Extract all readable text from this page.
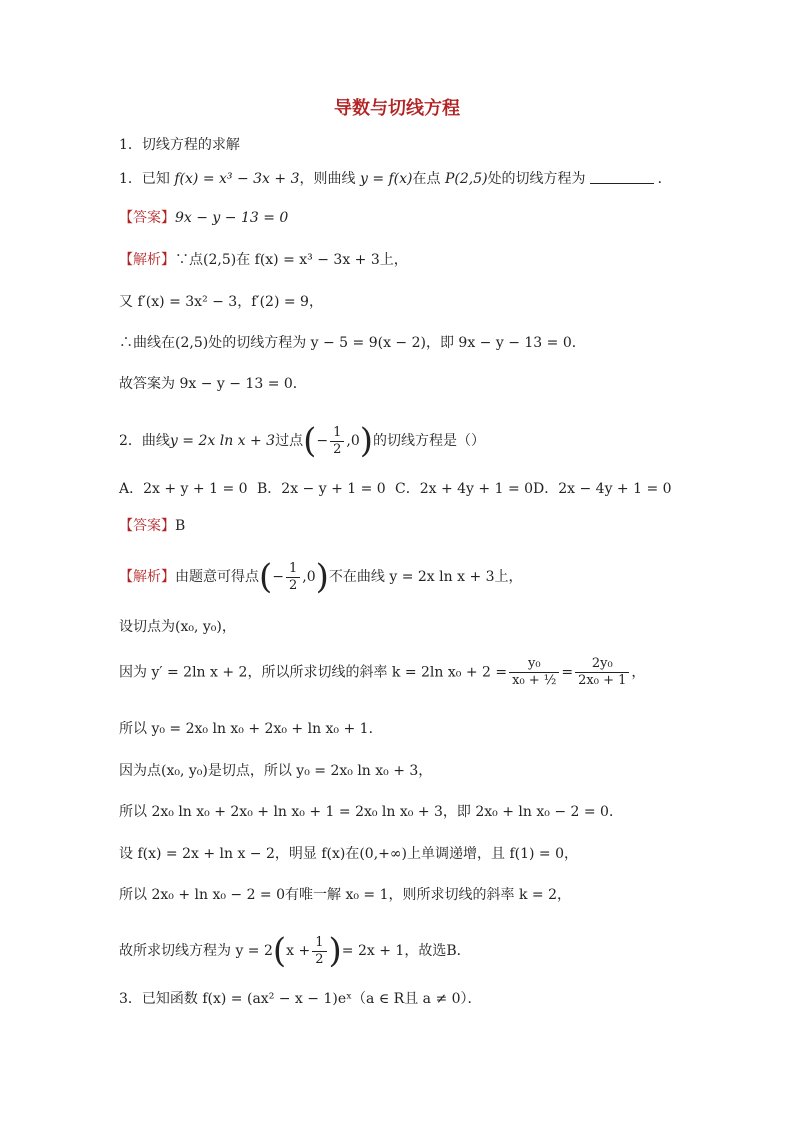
导数与切线方程
1．切线方程的求解
1．已知 f(x) = x³ − 3x + 3，则曲线 y = f(x)在点 P(2,5)处的切线方程为	．
【答案】9x − y − 13 = 0
【解析】∵点(2,5)在 f(x) = x³ − 3x + 3上，
又 f′(x) = 3x² − 3，f′(2) = 9，
∴曲线在(2,5)处的切线方程为 y − 5 = 9(x − 2)，即 9x − y − 13 = 0．
故答案为 9x − y − 13 = 0．
2．曲线y = 2x ln x + 3过点(− $\frac{1}{2} ,0$)的切线方程是（）
A．2x + y + 1 = 0 B．2x − y + 1 = 0 C．2x + 4y + 1 = 0D．2x − 4y + 1 = 0
【答案】B
【解析】由题意可得点(− $\frac{1}{2} ,0$)不在曲线 y = 2x ln x + 3上，
设切点为(x₀, y₀)，
因为 y′ = 2ln x + 2，所以所求切线的斜率 k = 2ln $x_0 + 2 = \frac{\text{y₀}}{\text{x₀ + ½}} = \frac{\text{2y₀}}{\text{2x₀ + 1}}$ ，
所以 y₀ = 2x₀ ln x₀ + 2x₀ + ln x₀ + 1．
因为点(x₀, y₀)是切点，所以 y₀ = 2x₀ ln x₀ + 3，
所以 2x₀ ln x₀ + 2x₀ + ln x₀ + 1 = 2x₀ ln x₀ + 3，即 2x₀ + ln x₀ − 2 = 0．
设 f(x) = 2x + ln x − 2，明显 f(x)在(0,+∞)上单调递增，且 f(1) = 0，
所以 2x₀ + ln x₀ − 2 = 0有唯一解 x₀ = 1，则所求切线的斜率 k = 2，
故所求切线方程为 $y = 2(x + \frac{1}{2}$ )= 2x + 1，故选B．
3．已知函数 f(x) = (ax² − x − 1)eˣ（a ∈ R且 a ≠ 0）．
